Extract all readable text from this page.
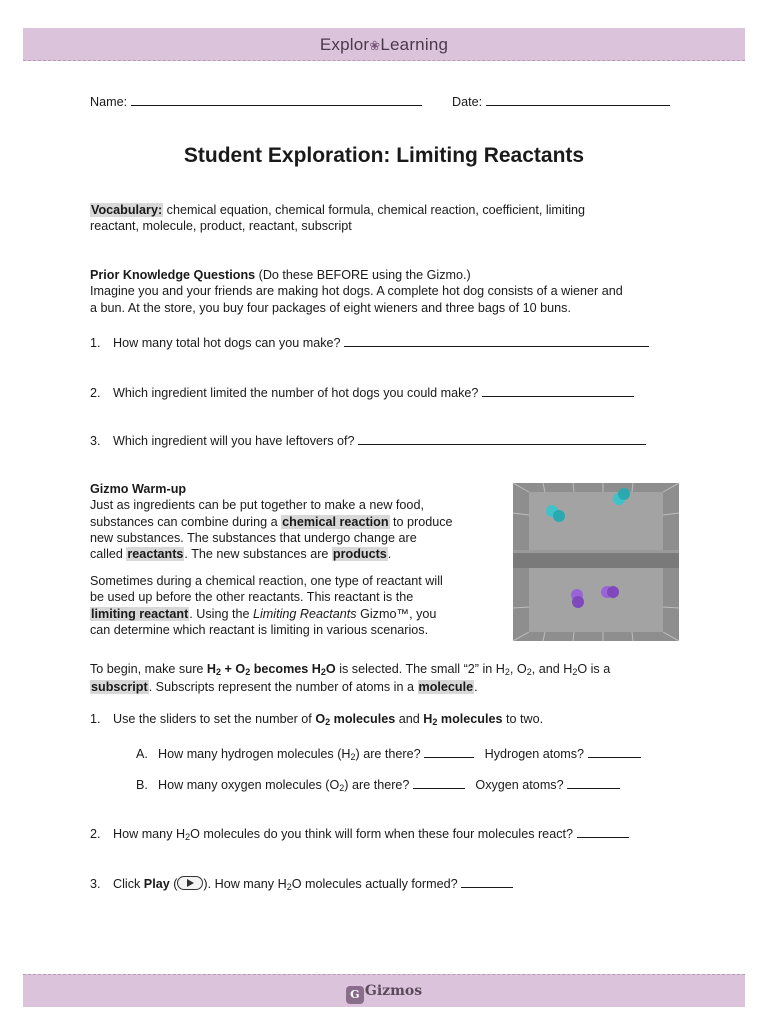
Explor❀Learning
Name:	Date:
Student Exploration: Limiting Reactants
Vocabulary: chemical equation, chemical formula, chemical reaction, coefficient, limiting
reactant, molecule, product, reactant, subscript
Prior Knowledge Questions (Do these BEFORE using the Gizmo.)
Imagine you and your friends are making hot dogs. A complete hot dog consists of a wiener and
a bun. At the store, you buy four packages of eight wieners and three bags of 10 buns.
1. How many total hot dogs can you make?
2. Which ingredient limited the number of hot dogs you could make?
3. Which ingredient will you have leftovers of?
Gizmo Warm-up
Just as ingredients can be put together to make a new food,
substances can combine during a chemical reaction to produce
new substances. The substances that undergo change are
called reactants. The new substances are products.
Sometimes during a chemical reaction, one type of reactant will
be used up before the other reactants. This reactant is the
limiting reactant. Using the Limiting Reactants Gizmo™, you
can determine which reactant is limiting in various scenarios.
To begin, make sure $H_2 + O_2$ becomes $H_2O$ is selected. The small “2” in $H_2$, $O_2$, and $H_2O$ is a
subscript. Subscripts represent the number of atoms in a molecule.
1. Use the sliders to set the number of $O_2$ molecules and $H_2$ molecules to two.
A. How many hydrogen molecules $(H_2)$ are there?	Hydrogen atoms?
B. How many oxygen molecules $(O_2)$ are there?	Oxygen atoms?
2. How many $H_2O$ molecules do you think will form when these four molecules react?
3. Click Play ( ). How many $H_2O$ molecules actually formed?
G Gizmos
